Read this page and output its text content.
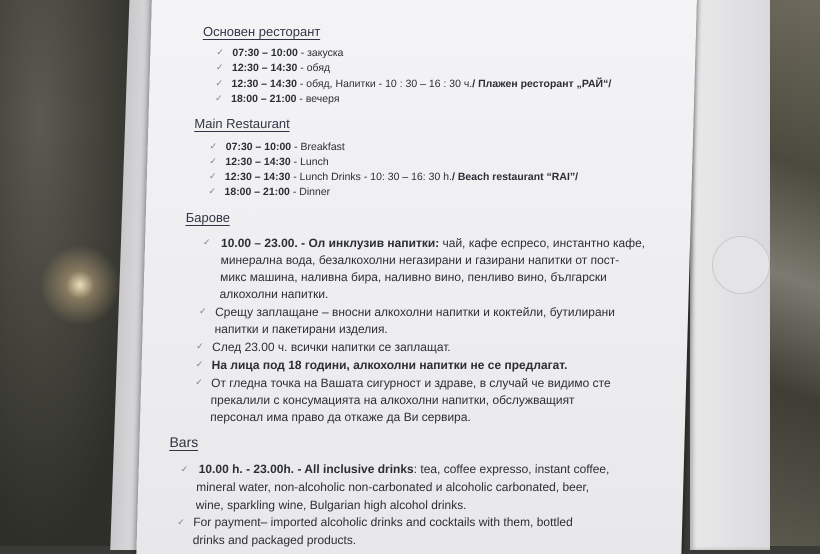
Основен ресторант
✓ 07:30 – 10:00 - закуска
✓ 12:30 – 14:30 - обяд
✓ 12:30 – 14:30 - обяд, Напитки - 10 : 30 – 16 : 30 ч./ Плажен ресторант „РАЙ“/
✓ 18:00 – 21:00 - вечеря
Main Restaurant
✓ 07:30 – 10:00 - Breakfast
✓ 12:30 – 14:30 - Lunch
✓ 12:30 – 14:30 - Lunch Drinks - 10: 30 – 16: 30 h./ Beach restaurant “RAI”/
✓ 18:00 – 21:00 - Dinner
Барове
✓ 10.00 – 23.00. - Ол инклузив напитки: чай, кафе еспресо, инстантно кафе,
минерална вода, безалкохолни негазирани и газирани напитки от пост-
микс машина, наливна бира, наливно вино, пенливо вино, български
алкохолни напитки.
✓ Срещу заплащане – вносни алкохолни напитки и коктейли, бутилирани
напитки и пакетирани изделия.
✓ След 23.00 ч. всички напитки се заплащат.
✓ На лица под 18 години, алкохолни напитки не се предлагат.
✓ От гледна точка на Вашата сигурност и здраве, в случай че видимо сте
прекалили с консумацията на алкохолни напитки, обслужващият
персонал има право да откаже да Ви сервира.
Bars
✓ 10.00 h. - 23.00h. - All inclusive drinks: tea, coffee expresso, instant coffee,
mineral water, non-alcoholic non-carbonated и alcoholic carbonated, beer,
wine, sparkling wine, Bulgarian high alcohol drinks.
✓ For payment– imported alcoholic drinks and cocktails with them, bottled
drinks and packaged products.
